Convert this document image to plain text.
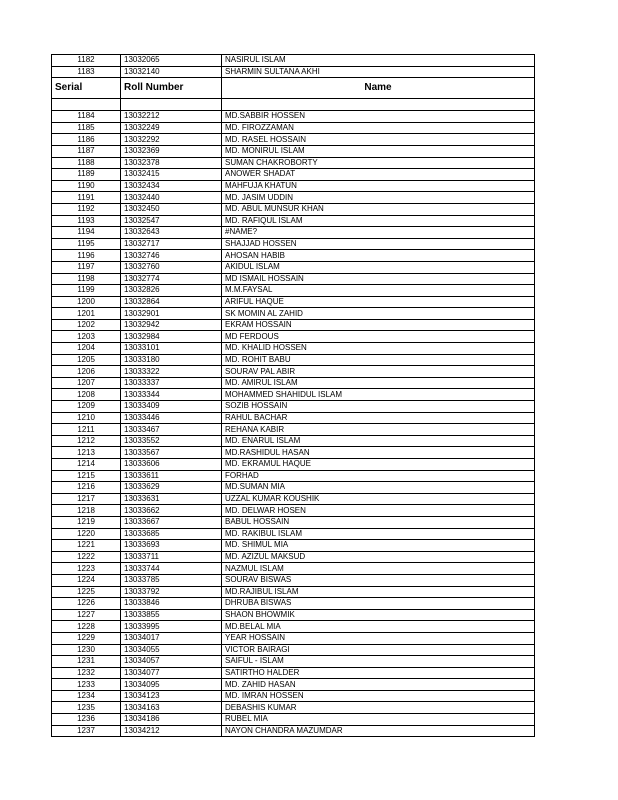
1182	13032065	NASIRUL ISLAM
1183	13032140	SHARMIN SULTANA AKHI
Serial	Roll Number	Name

1184	13032212	MD.SABBIR HOSSEN
1185	13032249	MD. FIROZZAMAN
1186	13032292	MD. RASEL HOSSAIN
1187	13032369	MD. MONIRUL ISLAM
1188	13032378	SUMAN CHAKROBORTY
1189	13032415	ANOWER SHADAT
1190	13032434	MAHFUJA KHATUN
1191	13032440	MD. JASIM UDDIN
1192	13032450	MD. ABUL MUNSUR KHAN
1193	13032547	MD. RAFIQUL ISLAM
1194	13032643	#NAME?
1195	13032717	SHAJJAD HOSSEN
1196	13032746	AHOSAN HABIB
1197	13032760	AKIDUL ISLAM
1198	13032774	MD ISMAIL HOSSAIN
1199	13032826	M.M.FAYSAL
1200	13032864	ARIFUL HAQUE
1201	13032901	SK MOMIN AL ZAHID
1202	13032942	EKRAM HOSSAIN
1203	13032984	MD FERDOUS
1204	13033101	MD. KHALID HOSSEN
1205	13033180	MD. ROHIT BABU
1206	13033322	SOURAV PAL ABIR
1207	13033337	MD. AMIRUL ISLAM
1208	13033344	MOHAMMED SHAHIDUL ISLAM
1209	13033409	SOZIB HOSSAIN
1210	13033446	RAHUL BACHAR
1211	13033467	REHANA KABIR
1212	13033552	MD. ENARUL ISLAM
1213	13033567	MD.RASHIDUL HASAN
1214	13033606	MD. EKRAMUL HAQUE
1215	13033611	FORHAD
1216	13033629	MD.SUMAN MIA
1217	13033631	UZZAL KUMAR KOUSHIK
1218	13033662	MD. DELWAR HOSEN
1219	13033667	BABUL HOSSAIN
1220	13033685	MD. RAKIBUL ISLAM
1221	13033693	MD. SHIMUL MIA
1222	13033711	MD. AZIZUL MAKSUD
1223	13033744	NAZMUL ISLAM
1224	13033785	SOURAV BISWAS
1225	13033792	MD.RAJIBUL ISLAM
1226	13033846	DHRUBA BISWAS
1227	13033855	SHAON BHOWMIK
1228	13033995	MD.BELAL MIA
1229	13034017	YEAR HOSSAIN
1230	13034055	VICTOR BAIRAGI
1231	13034057	SAIFUL - ISLAM
1232	13034077	SATIRTHO HALDER
1233	13034095	MD. ZAHID HASAN
1234	13034123	MD. IMRAN HOSSEN
1235	13034163	DEBASHIS KUMAR
1236	13034186	RUBEL MIA
1237	13034212	NAYON CHANDRA MAZUMDAR
